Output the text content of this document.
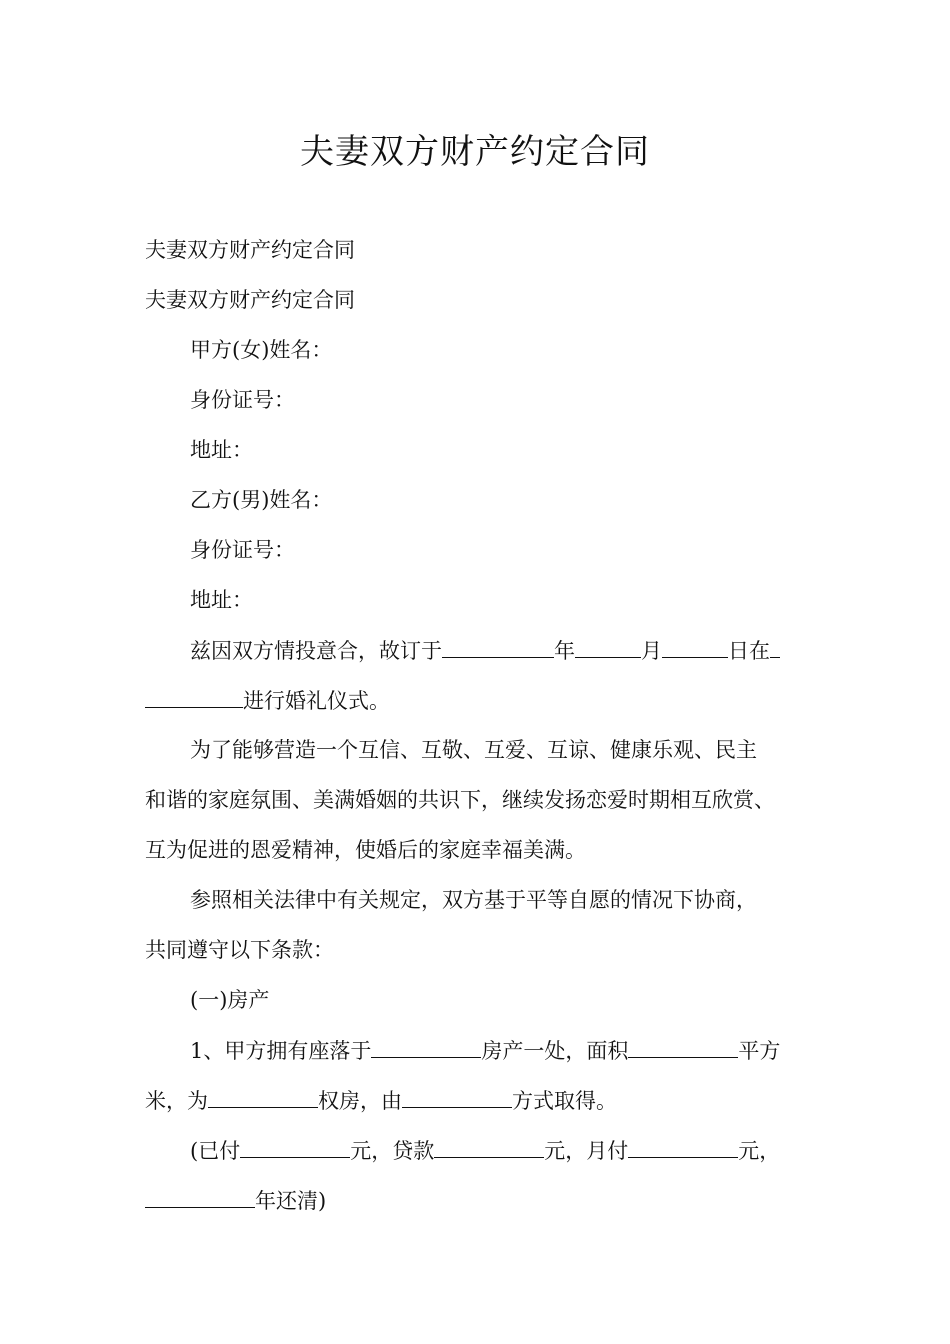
夫妻双方财产约定合同
夫妻双方财产约定合同
夫妻双方财产约定合同
甲方(女)姓名：
身份证号：
地址：
乙方(男)姓名：
身份证号：
地址：
兹因双方情投意合，故订于	年	月	日在
进行婚礼仪式。
为了能够营造一个互信、互敬、互爱、互谅、健康乐观、民主
和谐的家庭氛围、美满婚姻的共识下，继续发扬恋爱时期相互欣赏、
互为促进的恩爱精神，使婚后的家庭幸福美满。
参照相关法律中有关规定，双方基于平等自愿的情况下协商，
共同遵守以下条款：
(一)房产
1、甲方拥有座落于	房产一处，面积	平方
米，为	权房，由	方式取得。
(已付	元，贷款	元，月付	元，
年还清)
